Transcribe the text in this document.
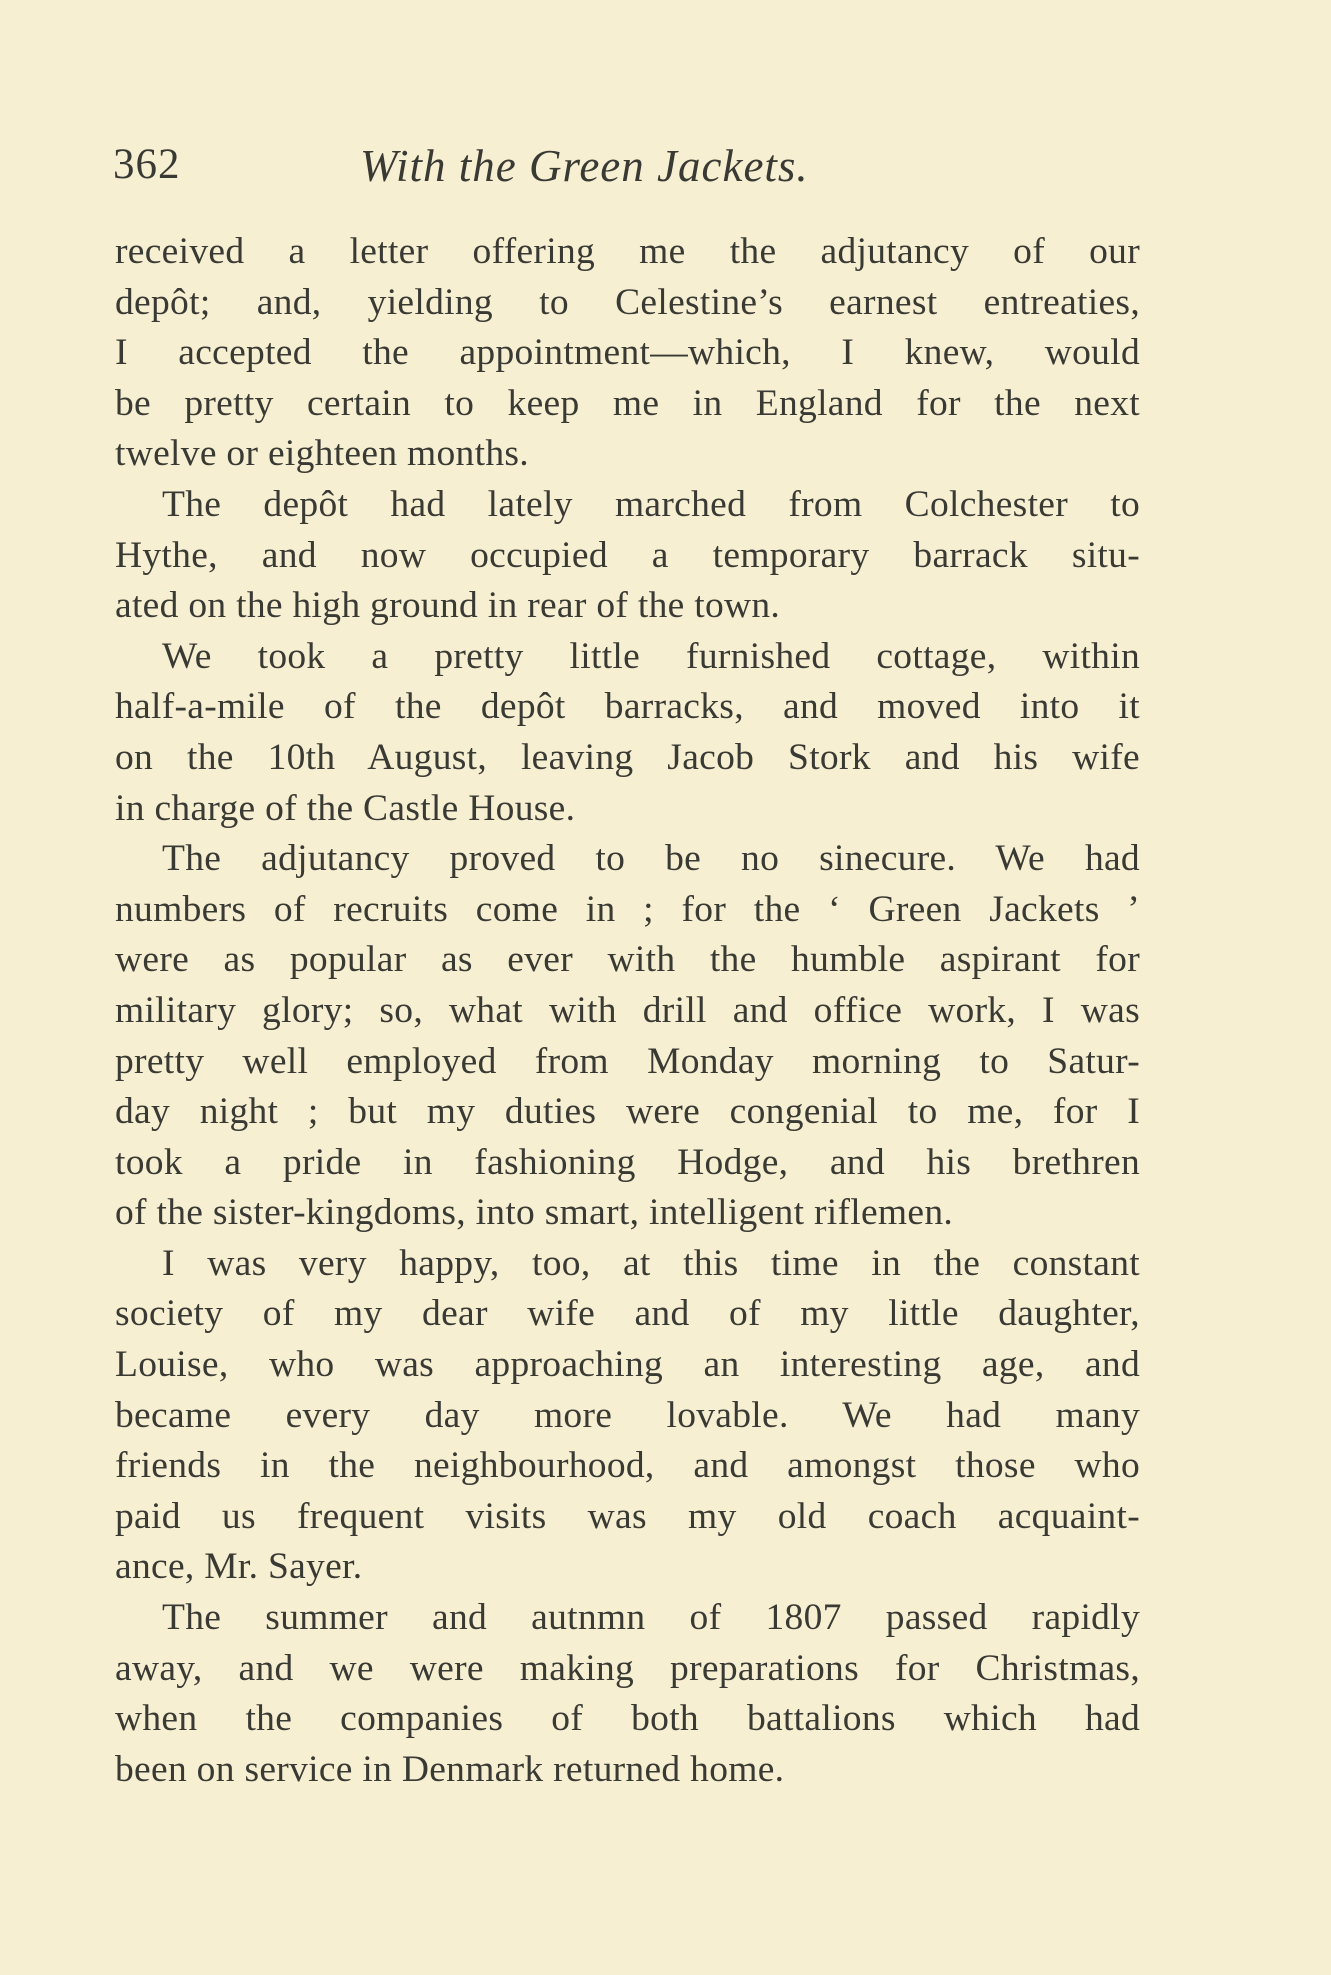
362	With the Green Jackets.
received a letter offering me the adjutancy of our
depôt; and, yielding to Celestine’s earnest entreaties,
I accepted the appointment—which, I knew, would
be pretty certain to keep me in England for the next
twelve or eighteen months.
The depôt had lately marched from Colchester to
Hythe, and now occupied a temporary barrack situ-
ated on the high ground in rear of the town.
We took a pretty little furnished cottage, within
half-a-mile of the depôt barracks, and moved into it
on the 10th August, leaving Jacob Stork and his wife
in charge of the Castle House.
The adjutancy proved to be no sinecure. We had
numbers of recruits come in ; for the ‘ Green Jackets ’
were as popular as ever with the humble aspirant for
military glory; so, what with drill and office work, I was
pretty well employed from Monday morning to Satur-
day night ; but my duties were congenial to me, for I
took a pride in fashioning Hodge, and his brethren
of the sister-kingdoms, into smart, intelligent riflemen.
I was very happy, too, at this time in the constant
society of my dear wife and of my little daughter,
Louise, who was approaching an interesting age, and
became every day more lovable. We had many
friends in the neighbourhood, and amongst those who
paid us frequent visits was my old coach acquaint-
ance, Mr. Sayer.
The summer and autnmn of 1807 passed rapidly
away, and we were making preparations for Christmas,
when the companies of both battalions which had
been on service in Denmark returned home.
